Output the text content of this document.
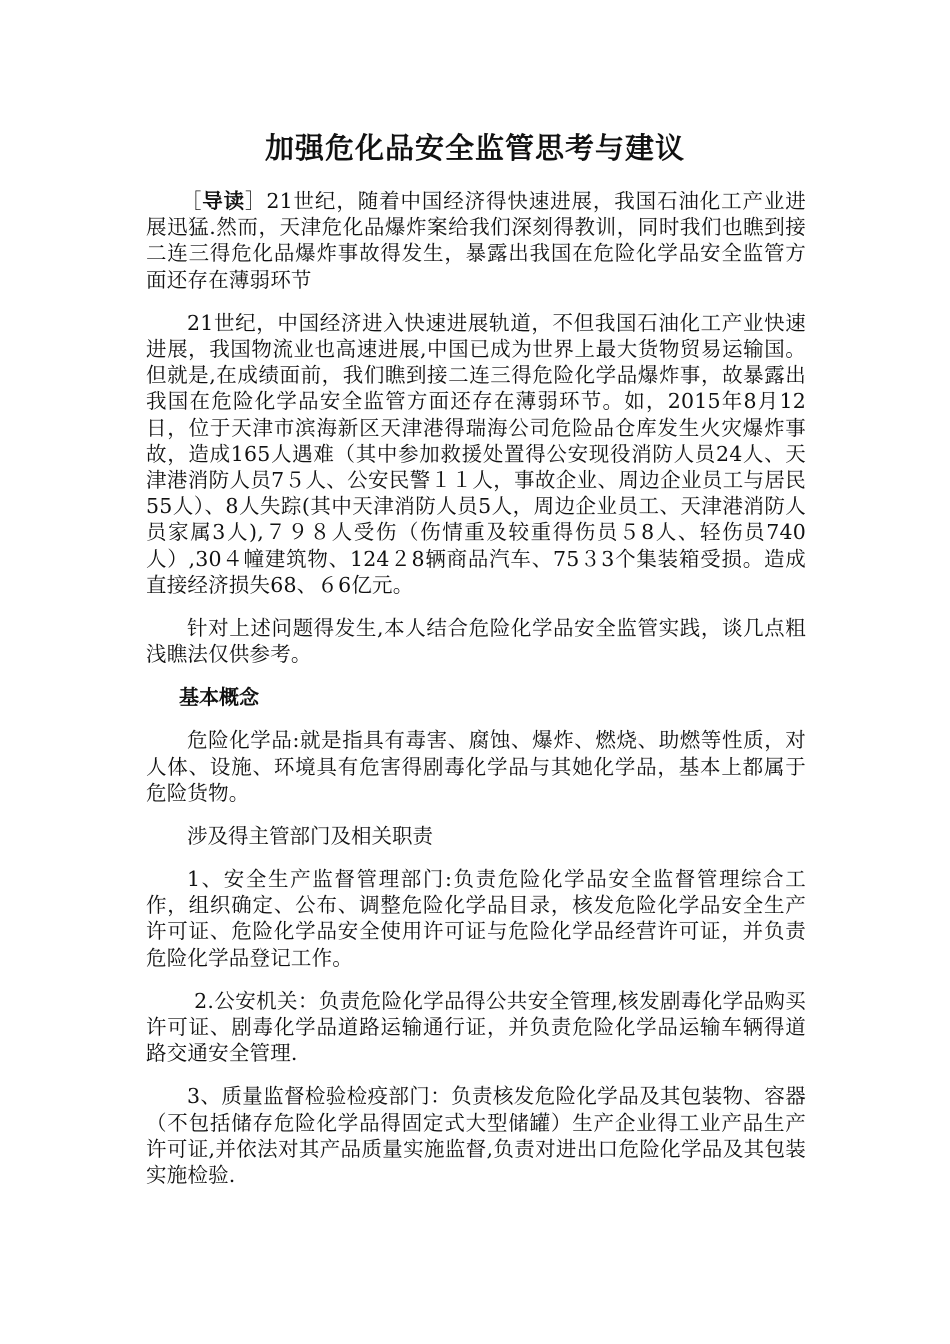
加强危化品安全监管思考与建议

［导读］21世纪，随着中国经济得快速进展，我国石油化工产业进展迅猛.然而，天津危化品爆炸案给我们深刻得教训，同时我们也瞧到接二连三得危化品爆炸事故得发生，暴露出我国在危险化学品安全监管方面还存在薄弱环节

21世纪，中国经济进入快速进展轨道，不但我国石油化工产业快速进展，我国物流业也高速进展,中国已成为世界上最大货物贸易运输国。但就是,在成绩面前，我们瞧到接二连三得危险化学品爆炸事，故暴露出我国在危险化学品安全监管方面还存在薄弱环节。如，2015年8月12日，位于天津市滨海新区天津港得瑞海公司危险品仓库发生火灾爆炸事故，造成165人遇难（其中参加救援处置得公安现役消防人员24人、天津港消防人员7５人、公安民警１１人，事故企业、周边企业员工与居民55人）、8人失踪(其中天津消防人员5人，周边企业员工、天津港消防人员家属3人),７９８人受伤（伤情重及较重得伤员５8人、轻伤员740人）,30４幢建筑物、124２8辆商品汽车、75３3个集装箱受损。造成直接经济损失68、６6亿元。

针对上述问题得发生,本人结合危险化学品安全监管实践，谈几点粗浅瞧法仅供参考。

基本概念

危险化学品:就是指具有毒害、腐蚀、爆炸、燃烧、助燃等性质，对人体、设施、环境具有危害得剧毒化学品与其她化学品，基本上都属于危险货物。

涉及得主管部门及相关职责

1、安全生产监督管理部门:负责危险化学品安全监督管理综合工作，组织确定、公布、调整危险化学品目录，核发危险化学品安全生产许可证、危险化学品安全使用许可证与危险化学品经营许可证，并负责危险化学品登记工作。

2.公安机关：负责危险化学品得公共安全管理,核发剧毒化学品购买许可证、剧毒化学品道路运输通行证，并负责危险化学品运输车辆得道路交通安全管理.

3、质量监督检验检疫部门：负责核发危险化学品及其包装物、容器（不包括储存危险化学品得固定式大型储罐）生产企业得工业产品生产许可证,并依法对其产品质量实施监督,负责对进出口危险化学品及其包装实施检验.
